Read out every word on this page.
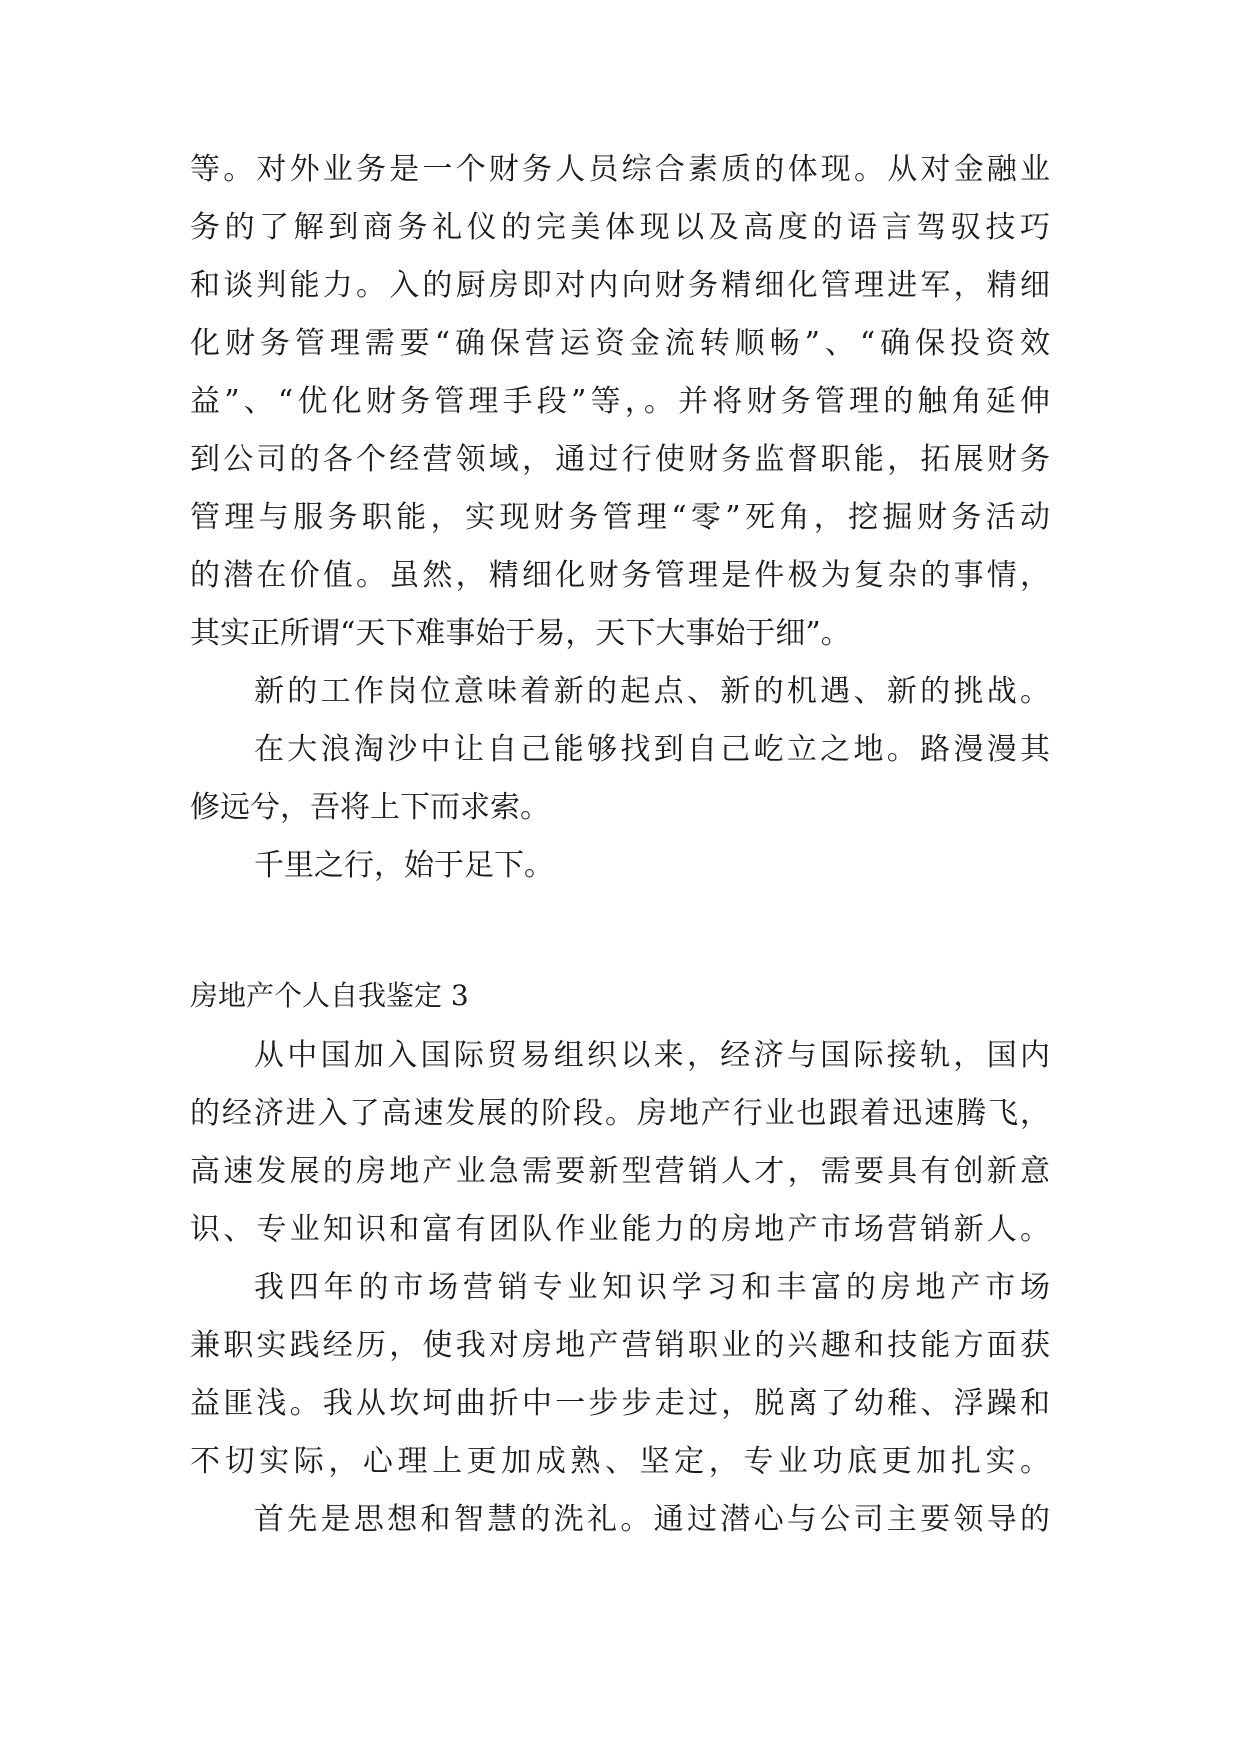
等。对外业务是一个财务人员综合素质的体现。从对金融业
务的了解到商务礼仪的完美体现以及高度的语言驾驭技巧
和谈判能力。入的厨房即对内向财务精细化管理进军，精细
化财务管理需要“确保营运资金流转顺畅”、“确保投资效
益”、“优化财务管理手段”等，。并将财务管理的触角延伸
到公司的各个经营领域，通过行使财务监督职能，拓展财务
管理与服务职能，实现财务管理“零”死角，挖掘财务活动
的潜在价值。虽然，精细化财务管理是件极为复杂的事情，
其实正所谓“天下难事始于易，天下大事始于细”。
新的工作岗位意味着新的起点、新的机遇、新的挑战。
在大浪淘沙中让自己能够找到自己屹立之地。路漫漫其
修远兮，吾将上下而求索。
千里之行，始于足下。
房地产个人自我鉴定 3
从中国加入国际贸易组织以来，经济与国际接轨，国内
的经济进入了高速发展的阶段。房地产行业也跟着迅速腾飞，
高速发展的房地产业急需要新型营销人才，需要具有创新意
识、专业知识和富有团队作业能力的房地产市场营销新人。
我四年的市场营销专业知识学习和丰富的房地产市场
兼职实践经历，使我对房地产营销职业的兴趣和技能方面获
益匪浅。我从坎坷曲折中一步步走过，脱离了幼稚、浮躁和
不切实际，心理上更加成熟、坚定，专业功底更加扎实。
首先是思想和智慧的洗礼。通过潜心与公司主要领导的
